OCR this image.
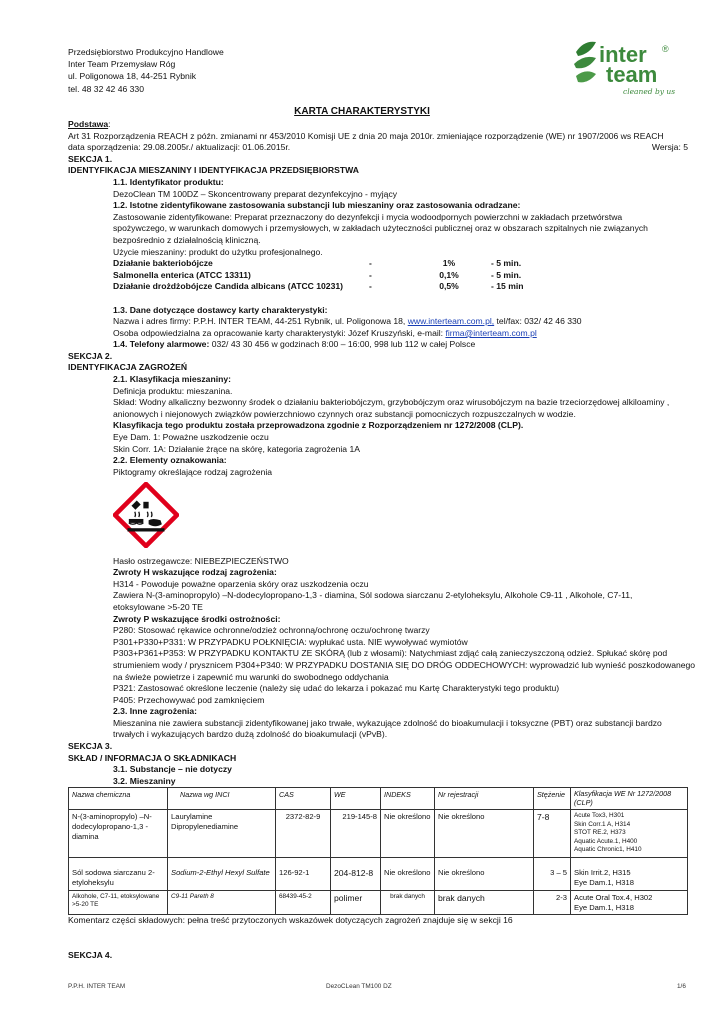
Przedsiębiorstwo Produkcyjno Handlowe
Inter Team Przemysław Róg
ul. Poligonowa 18, 44-251 Rybnik
tel. 48 32 42 46 330
inter ®
team
cleaned by us
KARTA CHARAKTERYSTYKI
Podstawa:
Art 31 Rozporządzenia REACH z późn. zmianami nr 453/2010 Komisji UE z dnia 20 maja 2010r. zmieniające rozporządzenie (WE) nr 1907/2006 ws REACH
data sporządzenia: 29.08.2005r./ aktualizacji: 01.06.2015r.	Wersja: 5
SEKCJA 1.
IDENTYFIKACJA MIESZANINY I IDENTYFIKACJA PRZEDSIĘBIORSTWA
1.1. Identyfikator produktu:
DezoClean TM 100DZ – Skoncentrowany preparat dezynfekcyjno - myjący
1.2. Istotne zidentyfikowane zastosowania substancji lub mieszaniny oraz zastosowania odradzane:
Zastosowanie zidentyfikowane: Preparat przeznaczony do dezynfekcji i mycia wodoodpornych powierzchni w zakładach przetwórstwa
spożywczego, w warunkach domowych i przemysłowych, w zakładach użyteczności publicznej oraz w obszarach szpitalnych nie związanych
bezpośrednio z działalnością kliniczną.
Użycie mieszaniny: produkt do użytku profesjonalnego.
Działanie bakteriobójcze	-	1%	- 5 min.
Salmonella enterica (ATCC 13311)	-	0,1%	- 5 min.
Działanie drożdżobójcze Candida albicans (ATCC 10231)	-	0,5%	- 15 min
1.3. Dane dotyczące dostawcy karty charakterystyki:
Nazwa i adres firmy: P.P.H. INTER TEAM, 44-251 Rybnik, ul. Poligonowa 18, www.interteam.com.pl, tel/fax: 032/ 42 46 330
Osoba odpowiedzialna za opracowanie karty charakterystyki: Józef Kruszyński, e-mail: firma@interteam.com.pl
1.4. Telefony alarmowe: 032/ 43 30 456 w godzinach 8:00 – 16:00, 998 lub 112 w całej Polsce
SEKCJA 2.
IDENTYFIKACJA ZAGROŻEŃ
2.1. Klasyfikacja mieszaniny:
Definicja produktu: mieszanina.
Skład: Wodny alkaliczny bezwonny środek o działaniu bakteriobójczym, grzybobójczym oraz wirusobójczym na bazie trzeciorzędowej alkiloaminy ,
anionowych i niejonowych związków powierzchniowo czynnych oraz substancji pomocniczych rozpuszczalnych w wodzie.
Klasyfikacja tego produktu została przeprowadzona zgodnie z Rozporządzeniem nr 1272/2008 (CLP).
Eye Dam. 1: Poważne uszkodzenie oczu
Skin Corr. 1A: Działanie żrące na skórę, kategoria zagrożenia 1A
2.2. Elementy oznakowania:
Piktogramy określające rodzaj zagrożenia
Hasło ostrzegawcze: NIEBEZPIECZEŃSTWO
Zwroty H wskazujące rodzaj zagrożenia:
H314 - Powoduje poważne oparzenia skóry oraz uszkodzenia oczu
Zawiera N-(3-aminopropylo) –N-dodecylopropano-1,3 - diamina, Sól sodowa siarczanu 2-etyloheksylu, Alkohole C9-11 , Alkohole, C7-11,
etoksylowane >5-20 TE
Zwroty P wskazujące środki ostrożności:
P280: Stosować rękawice ochronne/odzież ochronną/ochronę oczu/ochronę twarzy
P301+P330+P331: W PRZYPADKU POŁKNIĘCIA: wypłukać usta. NIE wywoływać wymiotów
P303+P361+P353: W PRZYPADKU KONTAKTU ZE SKÓRĄ (lub z włosami): Natychmiast zdjąć całą zanieczyszczoną odzież. Spłukać skórę pod
strumieniem wody / prysznicem P304+P340: W PRZYPADKU DOSTANIA SIĘ DO DRÓG ODDECHOWYCH: wyprowadzić lub wynieść poszkodowanego
na świeże powietrze i zapewnić mu warunki do swobodnego oddychania
P321: Zastosować określone leczenie (należy się udać do lekarza i pokazać mu Kartę Charakterystyki tego produktu)
P405: Przechowywać pod zamknięciem
2.3. Inne zagrożenia:
Mieszanina nie zawiera substancji zidentyfikowanej jako trwałe, wykazujące zdolność do bioakumulacji i toksyczne (PBT) oraz substancji bardzo
trwałych i wykazujących bardzo dużą zdolność do bioakumulacji (vPvB).
SEKCJA 3.
SKŁAD / INFORMACJA O SKŁADNIKACH
3.1. Substancje – nie dotyczy
3.2. Mieszaniny
Nazwa chemiczna	Nazwa wg INCI	CAS	WE	INDEKS	Nr rejestracji	Stężenie	Klasyfikacja WE Nr 1272/2008 (CLP)
N-(3-aminopropylo) –N-dodecylopropano-1,3 - diamina	Laurylamine Dipropylenediamine	2372-82-9	219-145-8	Nie określono	Nie określono	7-8	Acute Tox3, H301
Skin Corr.1 A, H314
STOT RE.2, H373
Aquatic Acute.1, H400
Aquatic Chronic1, H410

Sól sodowa siarczanu 2-etyloheksylu	Sodium-2-Ethyl Hexyl Sulfate	126-92-1	204-812-8	Nie określono	Nie określono	3 – 5	Skin Irrit.2, H315
Eye Dam.1, H318

Alkohole, C7-11, etoksylowane >5-20 TE	C9-11 Pareth 8	68439-45-2	polimer	brak danych	brak danych	2-3	Acute Oral Tox.4, H302
Eye Dam.1, H318
Komentarz części składowych: pełna treść przytoczonych wskazówek dotyczących zagrożeń znajduje się w sekcji 16
SEKCJA 4.
P.P.H. INTER TEAM	DezoCLean TM100 DZ	1/6
